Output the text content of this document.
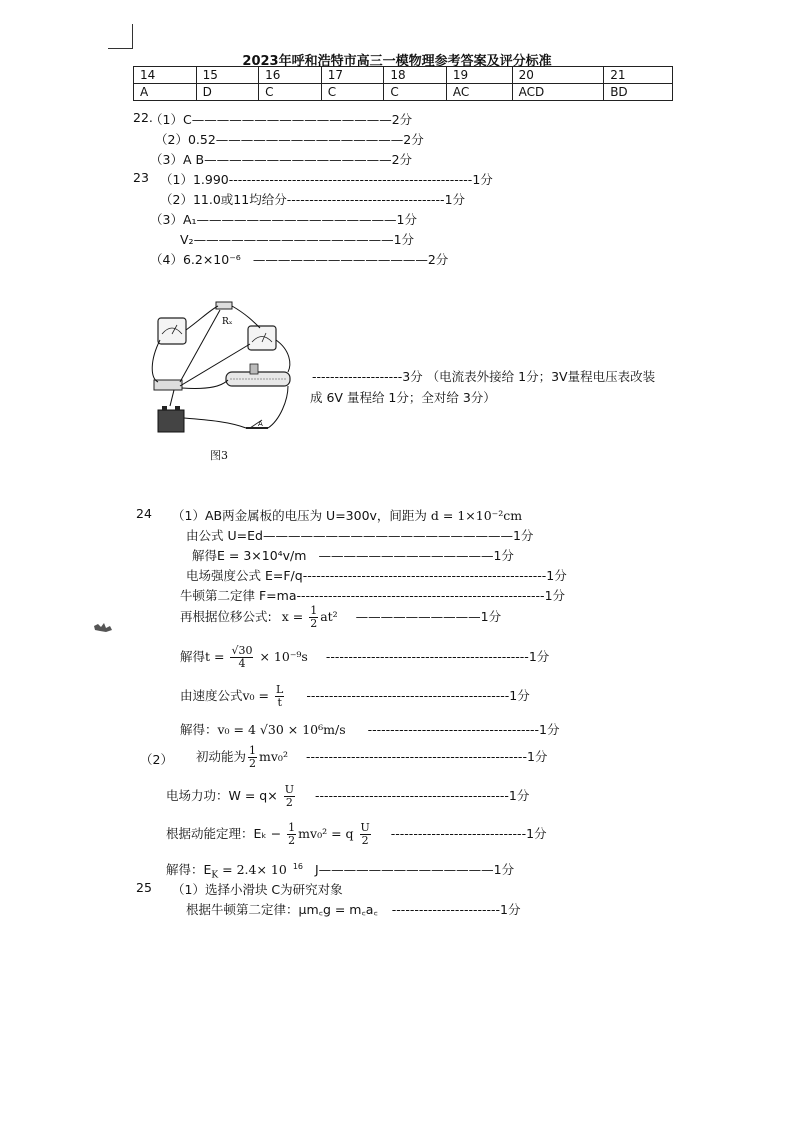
2023年呼和浩特市高三一模物理参考答案及评分标准
14	15	16	17	18	19	20	21
A	D	C	C	C	AC	ACD	BD
22.
（1）C————————————————2分
（2）0.52———————————————2分
（3）A B———————————————2分
23 （1）1.990------------------------------------------------------1分
（2）11.0或11均给分-----------------------------------1分
（3）A₁————————————————1分
V₂————————————————1分
（4）6.2×10⁻⁶ ——————————————2分
Rₓ
A
图3
--------------------3分 （电流表外接给 1分；3V量程电压表改装
成 6V 量程给 1分；全对给 3分）
24 （1）AB两金属板的电压为 U=300v，间距为 d = 1×10⁻²cm
由公式 U=Ed————————————————————1分
解得E = 3×10⁴v/m ——————————————1分
电场强度公式 E=F/q------------------------------------------------------1分
牛顿第二定律 F=ma-------------------------------------------------------1分
再根据位移公式: $x = \frac{1}{2} at^2$ ——————————1分
解得$t = \frac{√30}{4} \times 10^{-9}s$ ---------------------------------------------1分
由速度公式$v_0 = \frac{L}{t} ---------------------------------------------1$分
解得：v₀ = 4 √30 × 10⁶m/s --------------------------------------1分
（2） 初动能为 $\frac{1}{2} mv_0^2$ -------------------------------------------------1分
电场力功：$W = q\times \frac{U}{2} -------------------------------------------1$分
根据动能定理：$E_k - \frac{1}{2} mv_0^2 = q \frac{U}{2} ------------------------------1$分
解得：$E_K = 2.4\times 10$ $^{16}$ J——————————————1分
25 （1）选择小滑块 C为研究对象
根据牛顿第二定律：μm꜀g = m꜀a꜀ ------------------------1分
